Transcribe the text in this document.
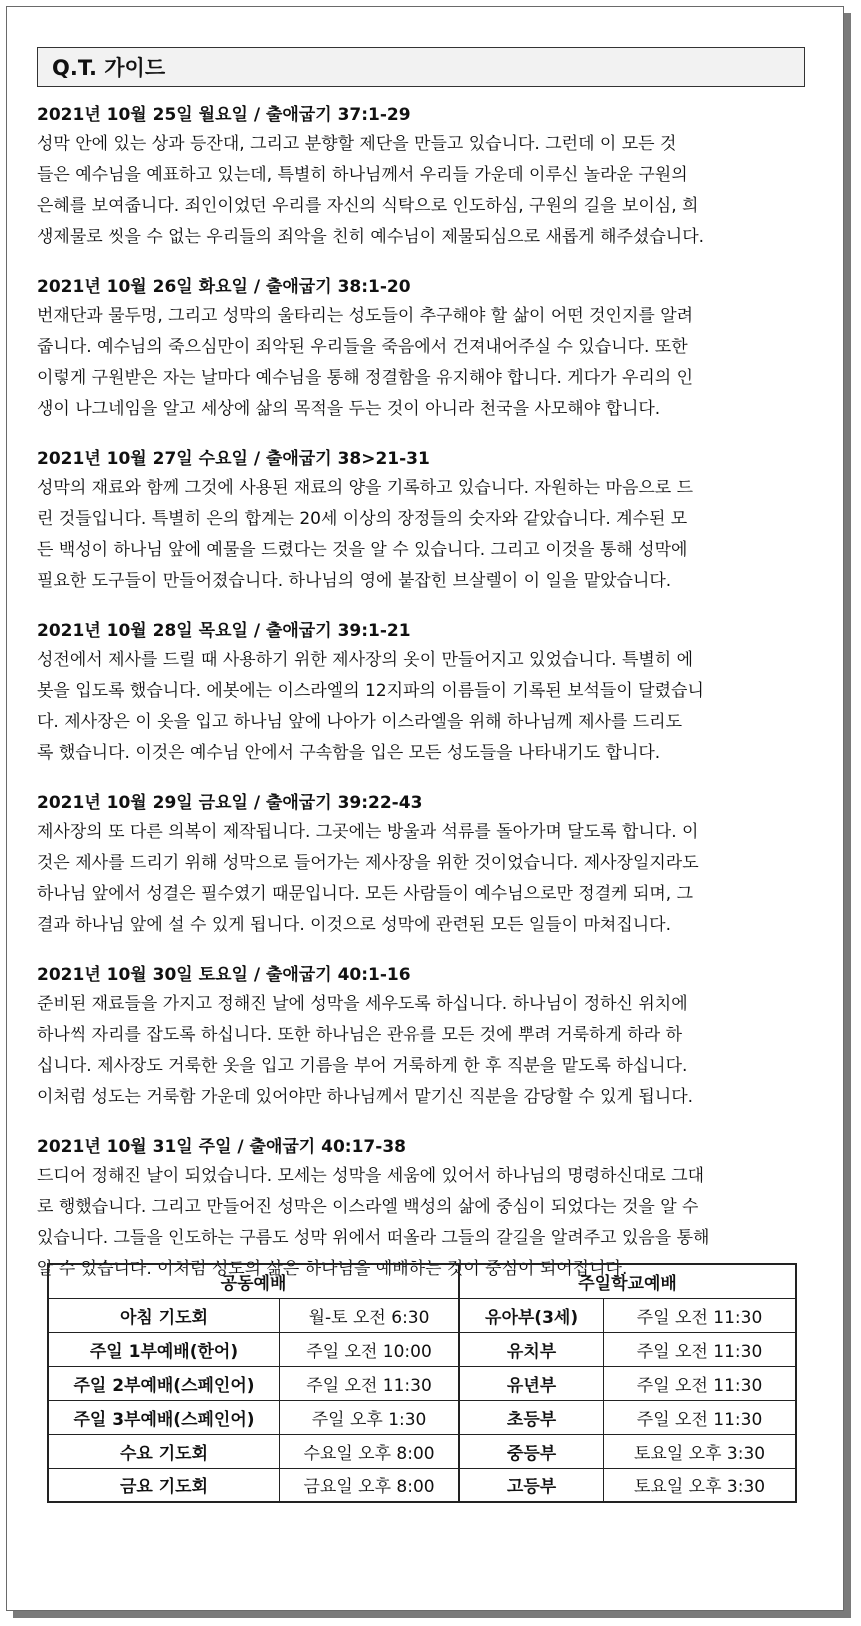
Q.T. 가이드
2021년 10월 25일 월요일 / 출애굽기 37:1-29
성막 안에 있는 상과 등잔대, 그리고 분향할 제단을 만들고 있습니다. 그런데 이 모든 것
들은 예수님을 예표하고 있는데, 특별히 하나님께서 우리들 가운데 이루신 놀라운 구원의
은혜를 보여줍니다. 죄인이었던 우리를 자신의 식탁으로 인도하심, 구원의 길을 보이심, 희
생제물로 씻을 수 없는 우리들의 죄악을 친히 예수님이 제물되심으로 새롭게 해주셨습니다.
2021년 10월 26일 화요일 / 출애굽기 38:1-20
번재단과 물두멍, 그리고 성막의 울타리는 성도들이 추구해야 할 삶이 어떤 것인지를 알려
줍니다. 예수님의 죽으심만이 죄악된 우리들을 죽음에서 건져내어주실 수 있습니다. 또한
이렇게 구원받은 자는 날마다 예수님을 통해 정결함을 유지해야 합니다. 게다가 우리의 인
생이 나그네임을 알고 세상에 삶의 목적을 두는 것이 아니라 천국을 사모해야 합니다.
2021년 10월 27일 수요일 / 출애굽기 38>21-31
성막의 재료와 함께 그것에 사용된 재료의 양을 기록하고 있습니다. 자원하는 마음으로 드
린 것들입니다. 특별히 은의 합계는 20세 이상의 장정들의 숫자와 같았습니다. 계수된 모
든 백성이 하나님 앞에 예물을 드렸다는 것을 알 수 있습니다. 그리고 이것을 통해 성막에
필요한 도구들이 만들어졌습니다. 하나님의 영에 붙잡힌 브살렐이 이 일을 맡았습니다.
2021년 10월 28일 목요일 / 출애굽기 39:1-21
성전에서 제사를 드릴 때 사용하기 위한 제사장의 옷이 만들어지고 있었습니다. 특별히 에
봇을 입도록 했습니다. 에봇에는 이스라엘의 12지파의 이름들이 기록된 보석들이 달렸습니
다. 제사장은 이 옷을 입고 하나님 앞에 나아가 이스라엘을 위해 하나님께 제사를 드리도
록 했습니다. 이것은 예수님 안에서 구속함을 입은 모든 성도들을 나타내기도 합니다.
2021년 10월 29일 금요일 / 출애굽기 39:22-43
제사장의 또 다른 의복이 제작됩니다. 그곳에는 방울과 석류를 돌아가며 달도록 합니다. 이
것은 제사를 드리기 위해 성막으로 들어가는 제사장을 위한 것이었습니다. 제사장일지라도
하나님 앞에서 성결은 필수였기 때문입니다. 모든 사람들이 예수님으로만 정결케 되며, 그
결과 하나님 앞에 설 수 있게 됩니다. 이것으로 성막에 관련된 모든 일들이 마쳐집니다.
2021년 10월 30일 토요일 / 출애굽기 40:1-16
준비된 재료들을 가지고 정해진 날에 성막을 세우도록 하십니다. 하나님이 정하신 위치에
하나씩 자리를 잡도록 하십니다. 또한 하나님은 관유를 모든 것에 뿌려 거룩하게 하라 하
십니다. 제사장도 거룩한 옷을 입고 기름을 부어 거룩하게 한 후 직분을 맡도록 하십니다.
이처럼 성도는 거룩함 가운데 있어야만 하나님께서 맡기신 직분을 감당할 수 있게 됩니다.
2021년 10월 31일 주일 / 출애굽기 40:17-38
드디어 정해진 날이 되었습니다. 모세는 성막을 세움에 있어서 하나님의 명령하신대로 그대
로 행했습니다. 그리고 만들어진 성막은 이스라엘 백성의 삶에 중심이 되었다는 것을 알 수
있습니다. 그들을 인도하는 구름도 성막 위에서 떠올라 그들의 갈길을 알려주고 있음을 통해
알 수 있습니다. 이처럼 성도의 삶은 하나님을 예배하는 것이 중심이 되어집니다.
공동예배		주일학교예배	
아침 기도회	월-토 오전 6:30	유아부(3세)	주일 오전 11:30
주일 1부예배(한어)	주일 오전 10:00	유치부	주일 오전 11:30
주일 2부예배(스페인어)	주일 오전 11:30	유년부	주일 오전 11:30
주일 3부예배(스페인어)	주일 오후 1:30	초등부	주일 오전 11:30
수요 기도회	수요일 오후 8:00	중등부	토요일 오후 3:30
금요 기도회	금요일 오후 8:00	고등부	토요일 오후 3:30
